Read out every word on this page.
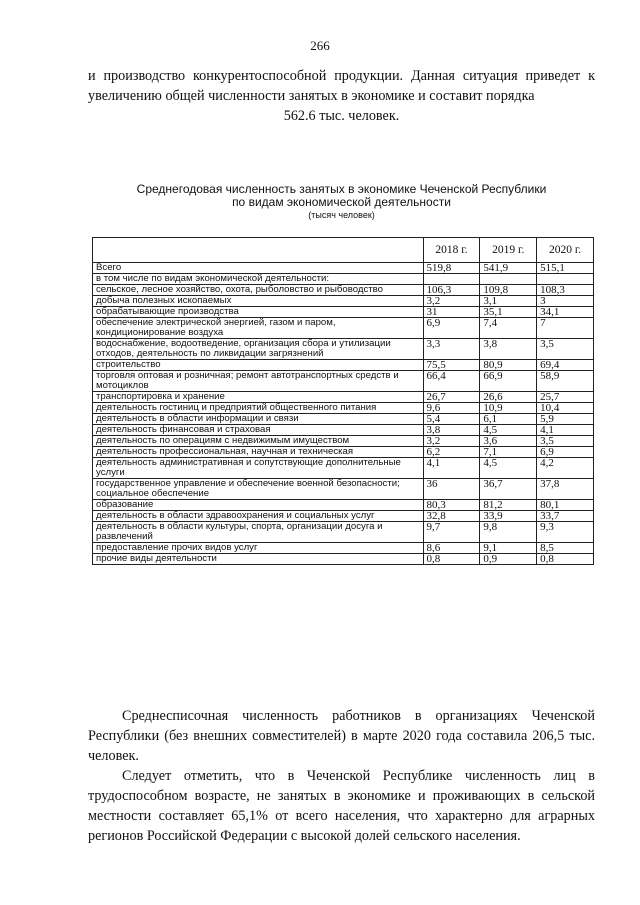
266

и производство конкурентоспособной продукции. Данная ситуация приведет к увеличению общей численности занятых в экономике и составит порядка
562.6 тыс. человек.

Среднегодовая численность занятых в экономике Чеченской Республики
по видам экономической деятельности
(тысяч человек)
	2018 г.	2019 г.	2020 г.
Всего	519,8	541,9	515,1
в том числе по видам экономической деятельности:			
сельское, лесное хозяйство, охота, рыболовство и рыбоводство	106,3	109,8	108,3
добыча полезных ископаемых	3,2	3,1	3
обрабатывающие производства	31	35,1	34,1
обеспечение электрической энергией, газом и паром, кондиционирование воздуха	6,9	7,4	7
водоснабжение, водоотведение, организация сбора и утилизации отходов, деятельность по ликвидации загрязнений	3,3	3,8	3,5
строительство	75,5	80,9	69,4
торговля оптовая и розничная; ремонт автотранспортных средств и мотоциклов	66,4	66,9	58,9
транспортировка и хранение	26,7	26,6	25,7
деятельность гостиниц и предприятий общественного питания	9,6	10,9	10,4
деятельность в области информации и связи	5,4	6,1	5,9
деятельность финансовая и страховая	3,8	4,5	4,1
деятельность по операциям с недвижимым имуществом	3,2	3,6	3,5
деятельность профессиональная, научная и техническая	6,2	7,1	6,9
деятельность административная и сопутствующие дополнительные услуги	4,1	4,5	4,2
государственное управление и обеспечение военной безопасности; социальное обеспечение	36	36,7	37,8
образование	80,3	81,2	80,1
деятельность в области здравоохранения и социальных услуг	32,8	33,9	33,7
деятельность в области культуры, спорта, организации досуга и развлечений	9,7	9,8	9,3
предоставление прочих видов услуг	8,6	9,1	8,5
прочие виды деятельности	0,8	0,9	0,8

Среднесписочная численность работников в организациях Чеченской Республики (без внешних совместителей) в марте 2020 года составила 206,5 тыс. человек.

Следует отметить, что в Чеченской Республике численность лиц в трудоспособном возрасте, не занятых в экономике и проживающих в сельской местности составляет 65,1% от всего населения, что характерно для аграрных регионов Российской Федерации с высокой долей сельского населения.
